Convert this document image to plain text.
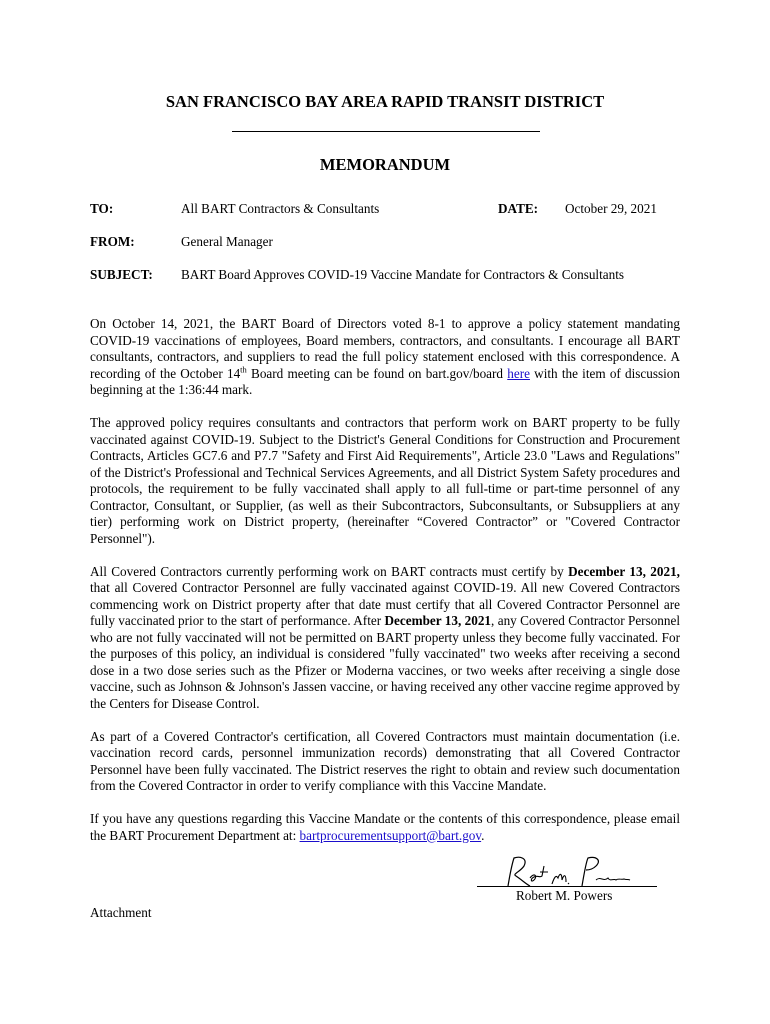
SAN FRANCISCO BAY AREA RAPID TRANSIT DISTRICT
MEMORANDUM
TO:	All BART Contractors & Consultants	DATE: October 29, 2021
FROM:	General Manager
SUBJECT: BART Board Approves COVID-19 Vaccine Mandate for Contractors & Consultants

On October 14, 2021, the BART Board of Directors voted 8-1 to approve a policy statement mandating COVID-19 vaccinations of employees, Board members, contractors, and consultants. I encourage all BART consultants, contractors, and suppliers to read the full policy statement enclosed with this correspondence. A recording of the October 14th Board meeting can be found on bart.gov/board here with the item of discussion beginning at the 1:36:44 mark.

The approved policy requires consultants and contractors that perform work on BART property to be fully vaccinated against COVID-19. Subject to the District's General Conditions for Construction and Procurement Contracts, Articles GC7.6 and P7.7 "Safety and First Aid Requirements", Article 23.0 "Laws and Regulations" of the District's Professional and Technical Services Agreements, and all District System Safety procedures and protocols, the requirement to be fully vaccinated shall apply to all full-time or part-time personnel of any Contractor, Consultant, or Supplier, (as well as their Subcontractors, Subconsultants, or Subsuppliers at any tier) performing work on District property, (hereinafter “Covered Contractor” or "Covered Contractor Personnel").

All Covered Contractors currently performing work on BART contracts must certify by December 13, 2021, that all Covered Contractor Personnel are fully vaccinated against COVID-19. All new Covered Contractors commencing work on District property after that date must certify that all Covered Contractor Personnel are fully vaccinated prior to the start of performance. After December 13, 2021, any Covered Contractor Personnel who are not fully vaccinated will not be permitted on BART property unless they become fully vaccinated. For the purposes of this policy, an individual is considered "fully vaccinated" two weeks after receiving a second dose in a two dose series such as the Pfizer or Moderna vaccines, or two weeks after receiving a single dose vaccine, such as Johnson & Johnson's Jassen vaccine, or having received any other vaccine regime approved by the Centers for Disease Control.

As part of a Covered Contractor's certification, all Covered Contractors must maintain documentation (i.e. vaccination record cards, personnel immunization records) demonstrating that all Covered Contractor Personnel have been fully vaccinated. The District reserves the right to obtain and review such documentation from the Covered Contractor in order to verify compliance with this Vaccine Mandate.

If you have any questions regarding this Vaccine Mandate or the contents of this correspondence, please email the BART Procurement Department at: bartprocurementsupport@bart.gov.

Robert M. Powers
Attachment
